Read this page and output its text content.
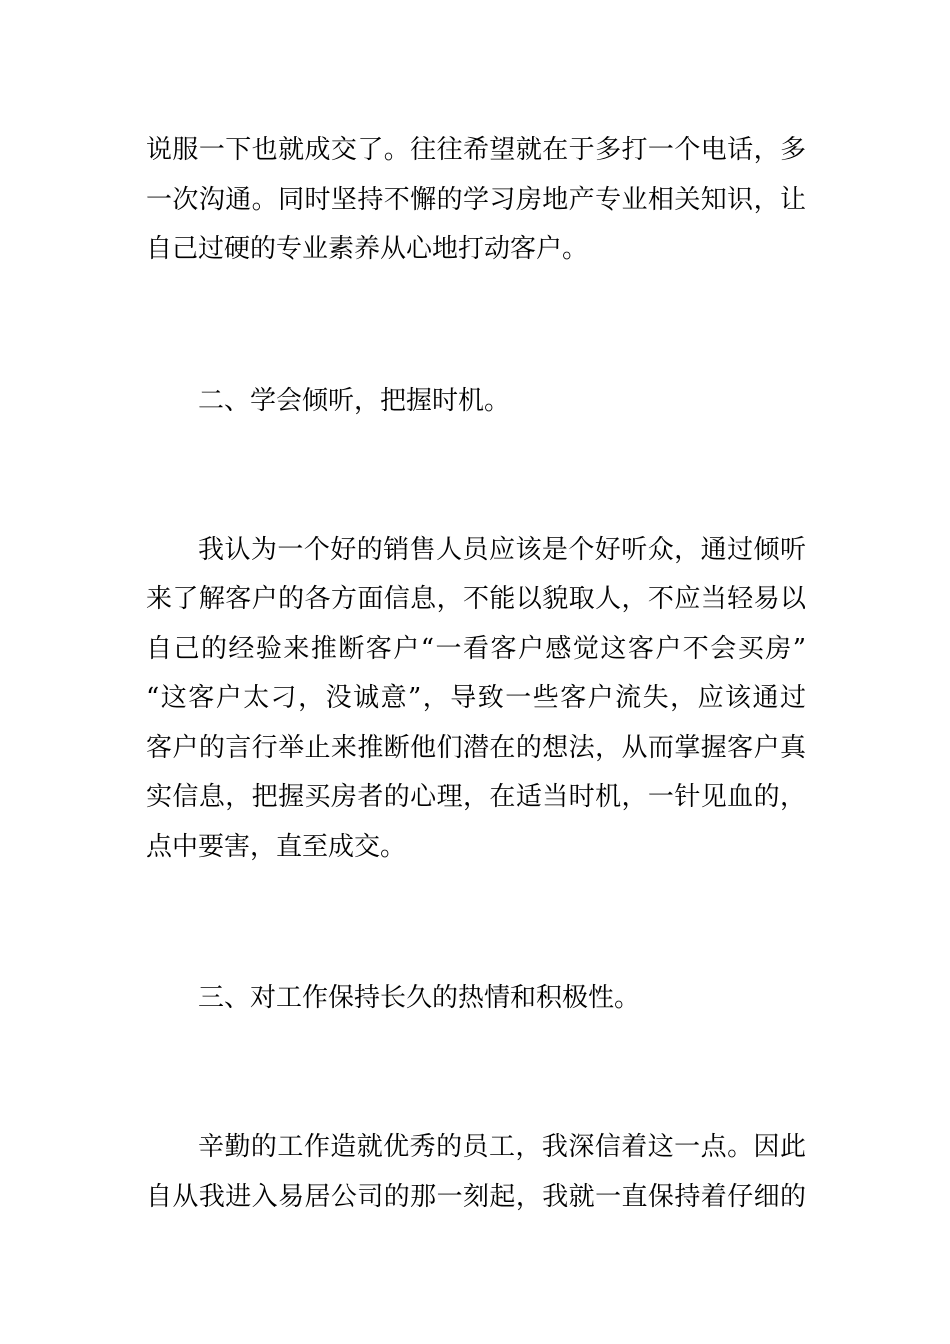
说服一下也就成交了。往往希望就在于多打一个电话，多
一次沟通。同时坚持不懈的学习房地产专业相关知识，让
自己过硬的专业素养从心地打动客户。
二、学会倾听，把握时机。
我认为一个好的销售人员应该是个好听众，通过倾听
来了解客户的各方面信息，不能以貌取人，不应当轻易以
自己的经验来推断客户“一看客户感觉这客户不会买房”
“这客户太刁，没诚意”，导致一些客户流失，应该通过
客户的言行举止来推断他们潜在的想法，从而掌握客户真
实信息，把握买房者的心理，在适当时机，一针见血的，
点中要害，直至成交。
三、对工作保持长久的热情和积极性。
辛勤的工作造就优秀的员工，我深信着这一点。因此
自从我进入易居公司的那一刻起，我就一直保持着仔细的
